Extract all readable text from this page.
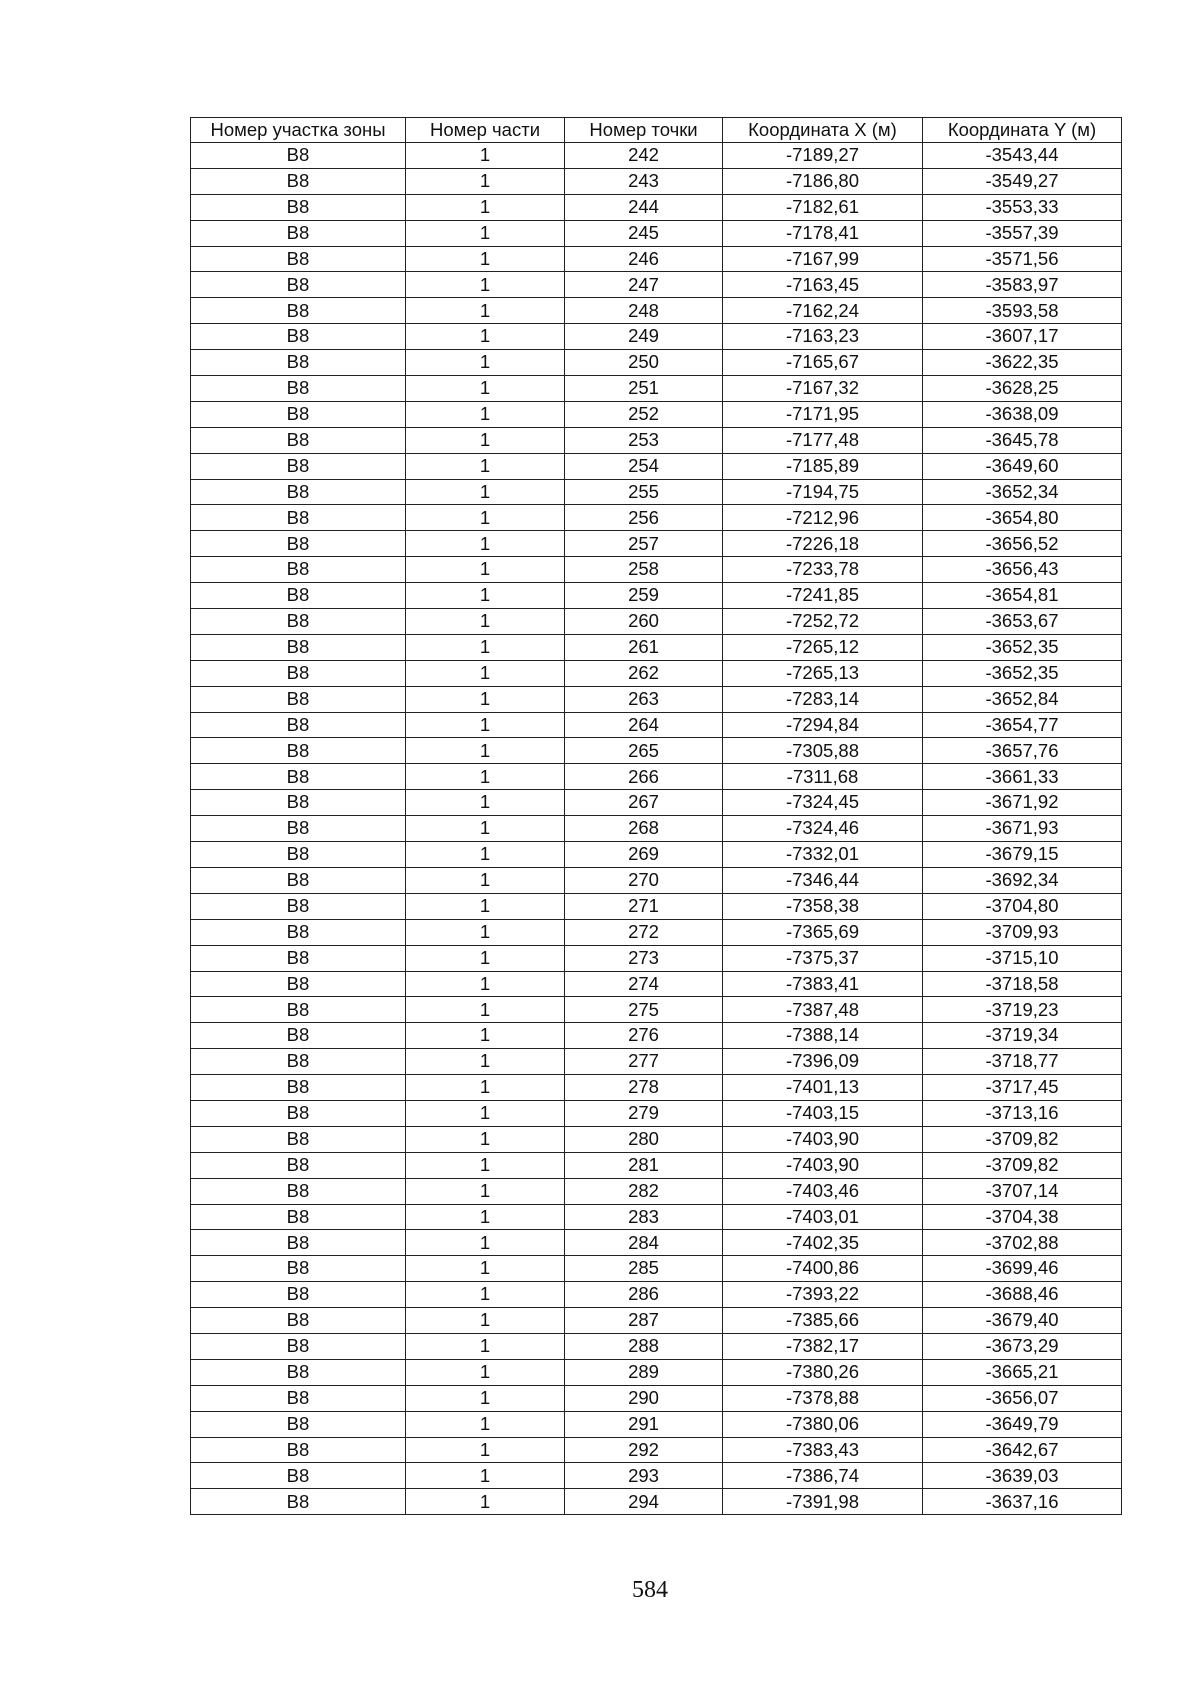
Номер участка зоны	Номер части	Номер точки	Координата X (м)	Координата Y (м)
В8	1	242	-7189,27	-3543,44
В8	1	243	-7186,80	-3549,27
В8	1	244	-7182,61	-3553,33
В8	1	245	-7178,41	-3557,39
В8	1	246	-7167,99	-3571,56
В8	1	247	-7163,45	-3583,97
В8	1	248	-7162,24	-3593,58
В8	1	249	-7163,23	-3607,17
В8	1	250	-7165,67	-3622,35
В8	1	251	-7167,32	-3628,25
В8	1	252	-7171,95	-3638,09
В8	1	253	-7177,48	-3645,78
В8	1	254	-7185,89	-3649,60
В8	1	255	-7194,75	-3652,34
В8	1	256	-7212,96	-3654,80
В8	1	257	-7226,18	-3656,52
В8	1	258	-7233,78	-3656,43
В8	1	259	-7241,85	-3654,81
В8	1	260	-7252,72	-3653,67
В8	1	261	-7265,12	-3652,35
В8	1	262	-7265,13	-3652,35
В8	1	263	-7283,14	-3652,84
В8	1	264	-7294,84	-3654,77
В8	1	265	-7305,88	-3657,76
В8	1	266	-7311,68	-3661,33
В8	1	267	-7324,45	-3671,92
В8	1	268	-7324,46	-3671,93
В8	1	269	-7332,01	-3679,15
В8	1	270	-7346,44	-3692,34
В8	1	271	-7358,38	-3704,80
В8	1	272	-7365,69	-3709,93
В8	1	273	-7375,37	-3715,10
В8	1	274	-7383,41	-3718,58
В8	1	275	-7387,48	-3719,23
В8	1	276	-7388,14	-3719,34
В8	1	277	-7396,09	-3718,77
В8	1	278	-7401,13	-3717,45
В8	1	279	-7403,15	-3713,16
В8	1	280	-7403,90	-3709,82
В8	1	281	-7403,90	-3709,82
В8	1	282	-7403,46	-3707,14
В8	1	283	-7403,01	-3704,38
В8	1	284	-7402,35	-3702,88
В8	1	285	-7400,86	-3699,46
В8	1	286	-7393,22	-3688,46
В8	1	287	-7385,66	-3679,40
В8	1	288	-7382,17	-3673,29
В8	1	289	-7380,26	-3665,21
В8	1	290	-7378,88	-3656,07
В8	1	291	-7380,06	-3649,79
В8	1	292	-7383,43	-3642,67
В8	1	293	-7386,74	-3639,03
В8	1	294	-7391,98	-3637,16
584
